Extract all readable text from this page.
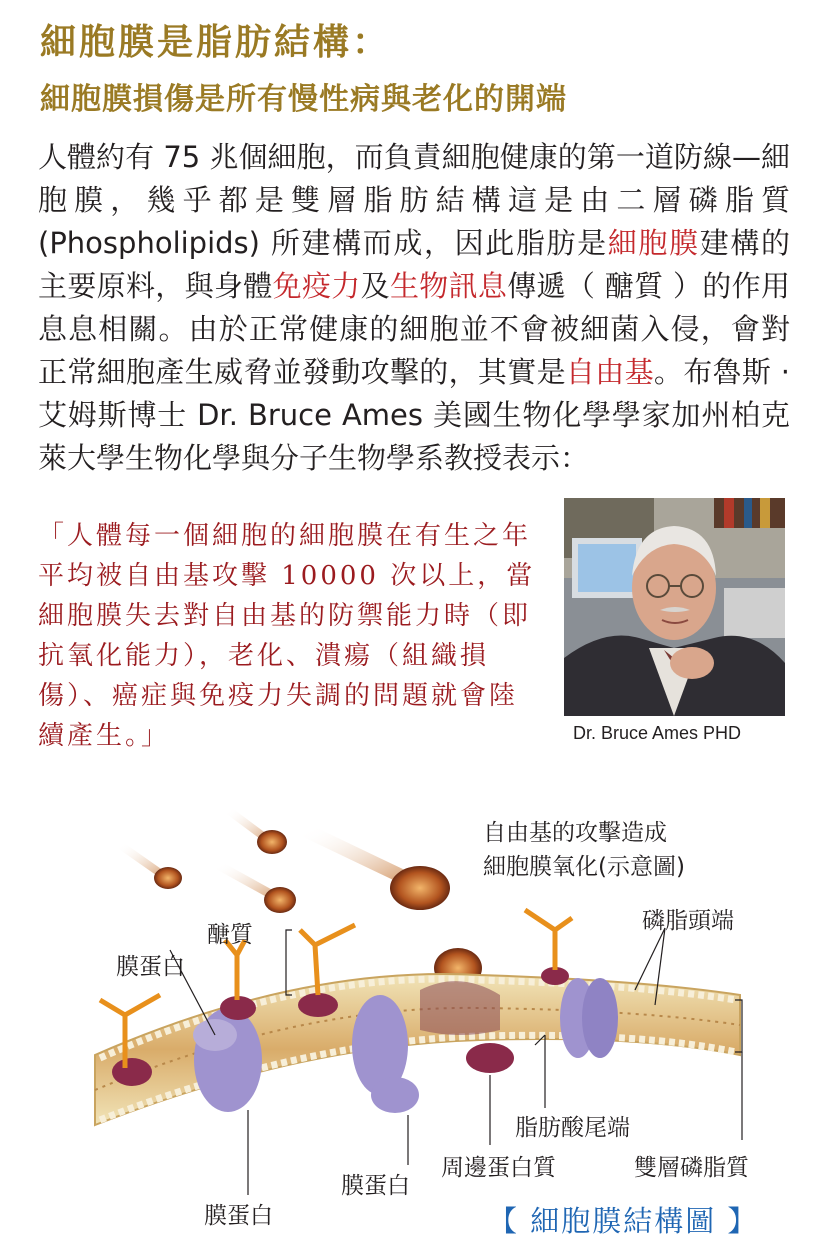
細胞膜是脂肪結構：
細胞膜損傷是所有慢性病與老化的開端

人體約有 75 兆個細胞，而負責細胞健康的第一道防線—細胞膜，幾乎都是雙層脂肪結構這是由二層磷脂質 (Phospholipids) 所建構而成，因此脂肪是細胞膜建構的主要原料，與身體免疫力及生物訊息傳遞（ 醣質 ）的作用息息相關。由於正常健康的細胞並不會被細菌入侵，會對正常細胞產生威脅並發動攻擊的，其實是自由基。布魯斯 · 艾姆斯博士 Dr. Bruce Ames 美國生物化學學家加州柏克萊大學生物化學與分子生物學系教授表示：

「人體每一個細胞的細胞膜在有生之年平均被自由基攻擊 10000 次以上，當細胞膜失去對自由基的防禦能力時（即抗氧化能力），老化、潰瘍（組織損傷）、癌症與免疫力失調的問題就會陸續產生。」	Dr. Bruce Ames PHD
自由基的攻擊造成
細胞膜氧化(示意圖)
醣質
膜蛋白
磷脂頭端
脂肪酸尾端
周邊蛋白質	雙層磷脂質
膜蛋白
膜蛋白	【 細胞膜結構圖 】
